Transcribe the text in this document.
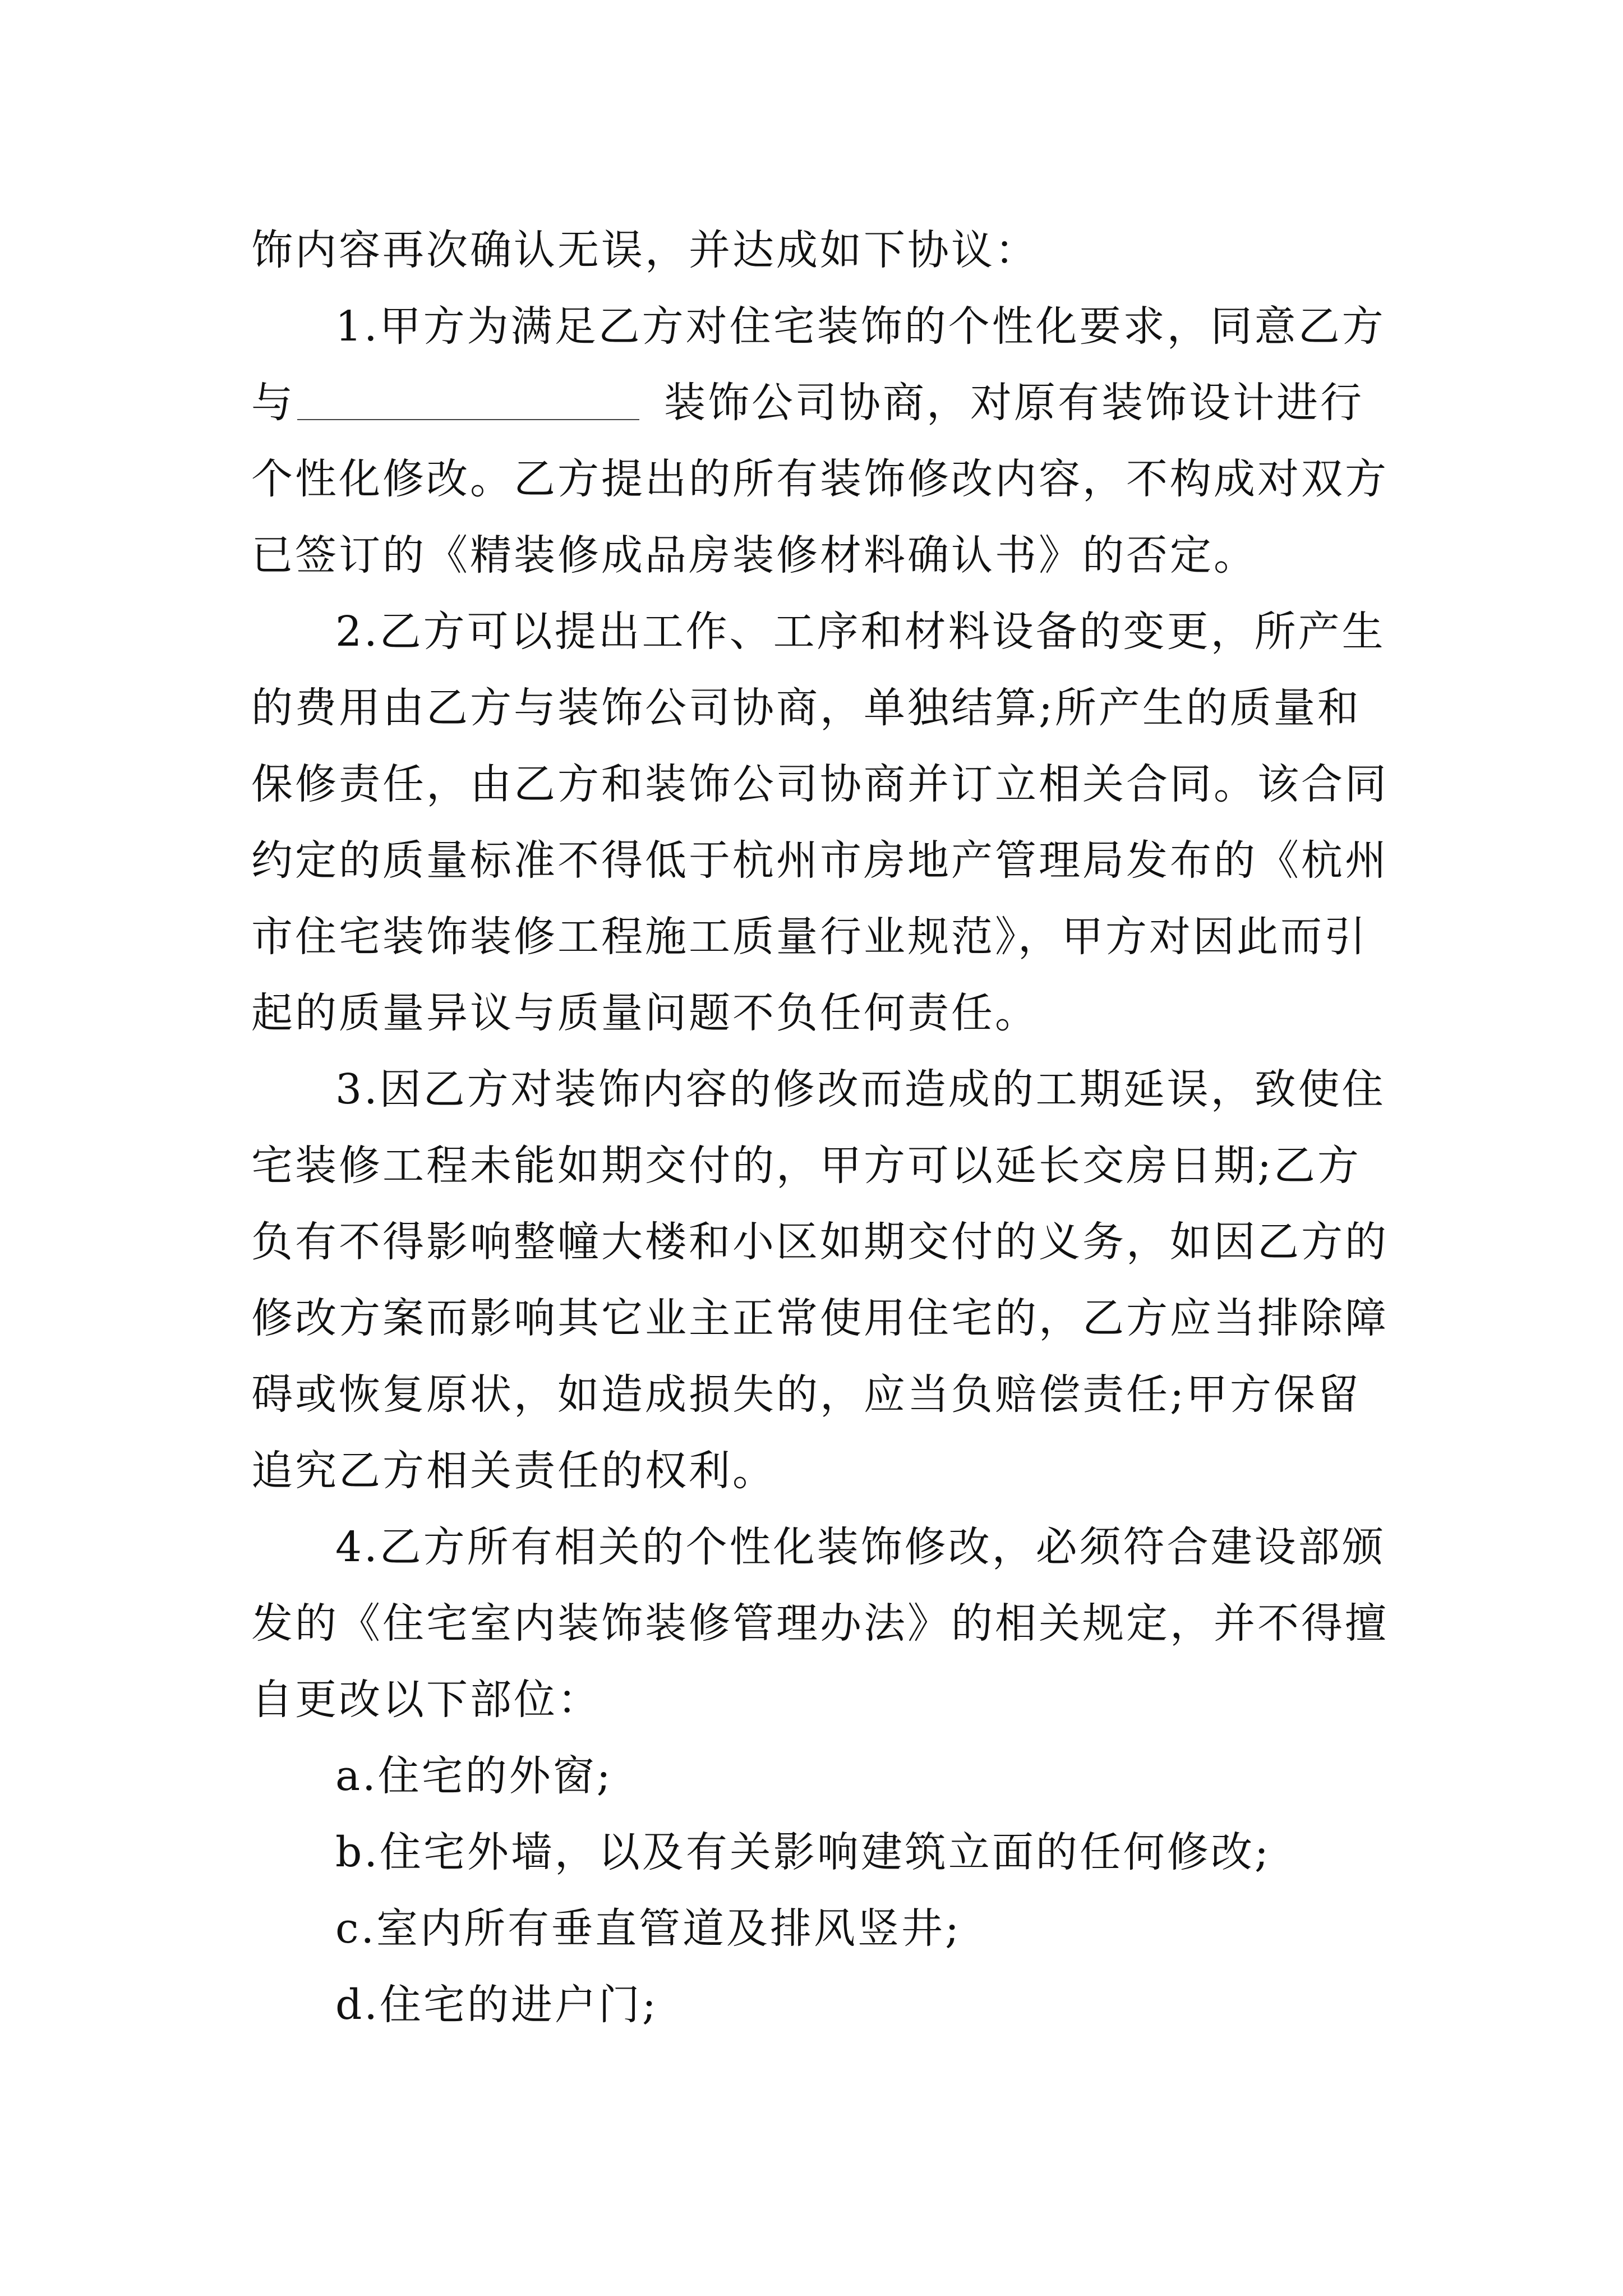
饰内容再次确认无误，并达成如下协议：
1.甲方为满足乙方对住宅装饰的个性化要求，同意乙方
与	装饰公司协商，对原有装饰设计进行
个性化修改。乙方提出的所有装饰修改内容，不构成对双方
已签订的《精装修成品房装修材料确认书》的否定。
2.乙方可以提出工作、工序和材料设备的变更，所产生
的费用由乙方与装饰公司协商，单独结算;所产生的质量和
保修责任，由乙方和装饰公司协商并订立相关合同。该合同
约定的质量标准不得低于杭州市房地产管理局发布的《杭州
市住宅装饰装修工程施工质量行业规范》，甲方对因此而引
起的质量异议与质量问题不负任何责任。
3.因乙方对装饰内容的修改而造成的工期延误，致使住
宅装修工程未能如期交付的，甲方可以延长交房日期;乙方
负有不得影响整幢大楼和小区如期交付的义务，如因乙方的
修改方案而影响其它业主正常使用住宅的，乙方应当排除障
碍或恢复原状，如造成损失的，应当负赔偿责任;甲方保留
追究乙方相关责任的权利。
4.乙方所有相关的个性化装饰修改，必须符合建设部颁
发的《住宅室内装饰装修管理办法》的相关规定，并不得擅
自更改以下部位：
a.住宅的外窗;
b.住宅外墙，以及有关影响建筑立面的任何修改;
c.室内所有垂直管道及排风竖井;
d.住宅的进户门;
